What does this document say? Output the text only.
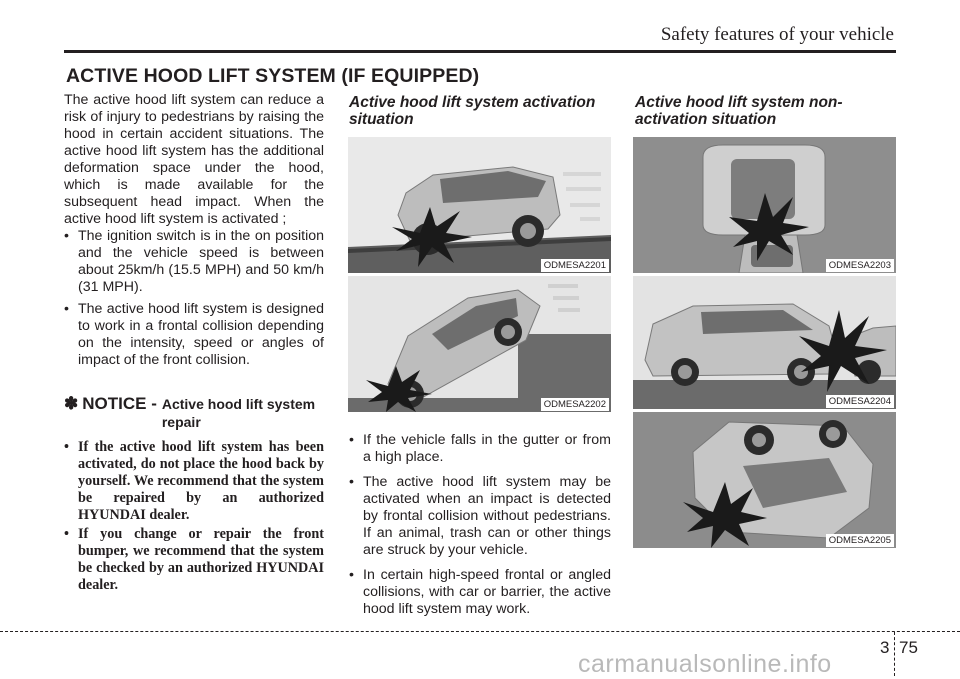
Safety features of your vehicle
ACTIVE HOOD LIFT SYSTEM (IF EQUIPPED)

The active hood lift system can reduce a risk of injury to pedestrians by raising the hood in certain accident situations. The active hood lift system has the additional deformation space under the hood, which is made available for the subsequent head impact. When the active hood lift system is activated ;

• The ignition switch is in the on position and the vehicle speed is between about 25km/h (15.5 MPH) and 50 km/h (31 MPH).
• The active hood lift system is designed to work in a frontal collision depending on the intensity, speed or angles of impact of the front collision.
✽ NOTICE - Active hood lift system repair
• If the active hood lift system has been activated, do not place the hood back by yourself. We recommend that the system be repaired by an authorized HYUNDAI dealer.
• If you change or repair the front bumper, we recommend that the system be checked by an authorized HYUNDAI dealer.
Active hood lift system activation situation
ODMESA2201
ODMESA2202
• If the vehicle falls in the gutter or from a high place.
• The active hood lift system may be activated when an impact is detected by frontal collision without pedestrians. If an animal, trash can or other things are struck by your vehicle.
• In certain high-speed frontal or angled collisions, with car or barrier, the active hood lift system may work.
Active hood lift system non-activation situation
ODMESA2203
ODMESA2204
ODMESA2205
3 75
carmanualsonline.info
